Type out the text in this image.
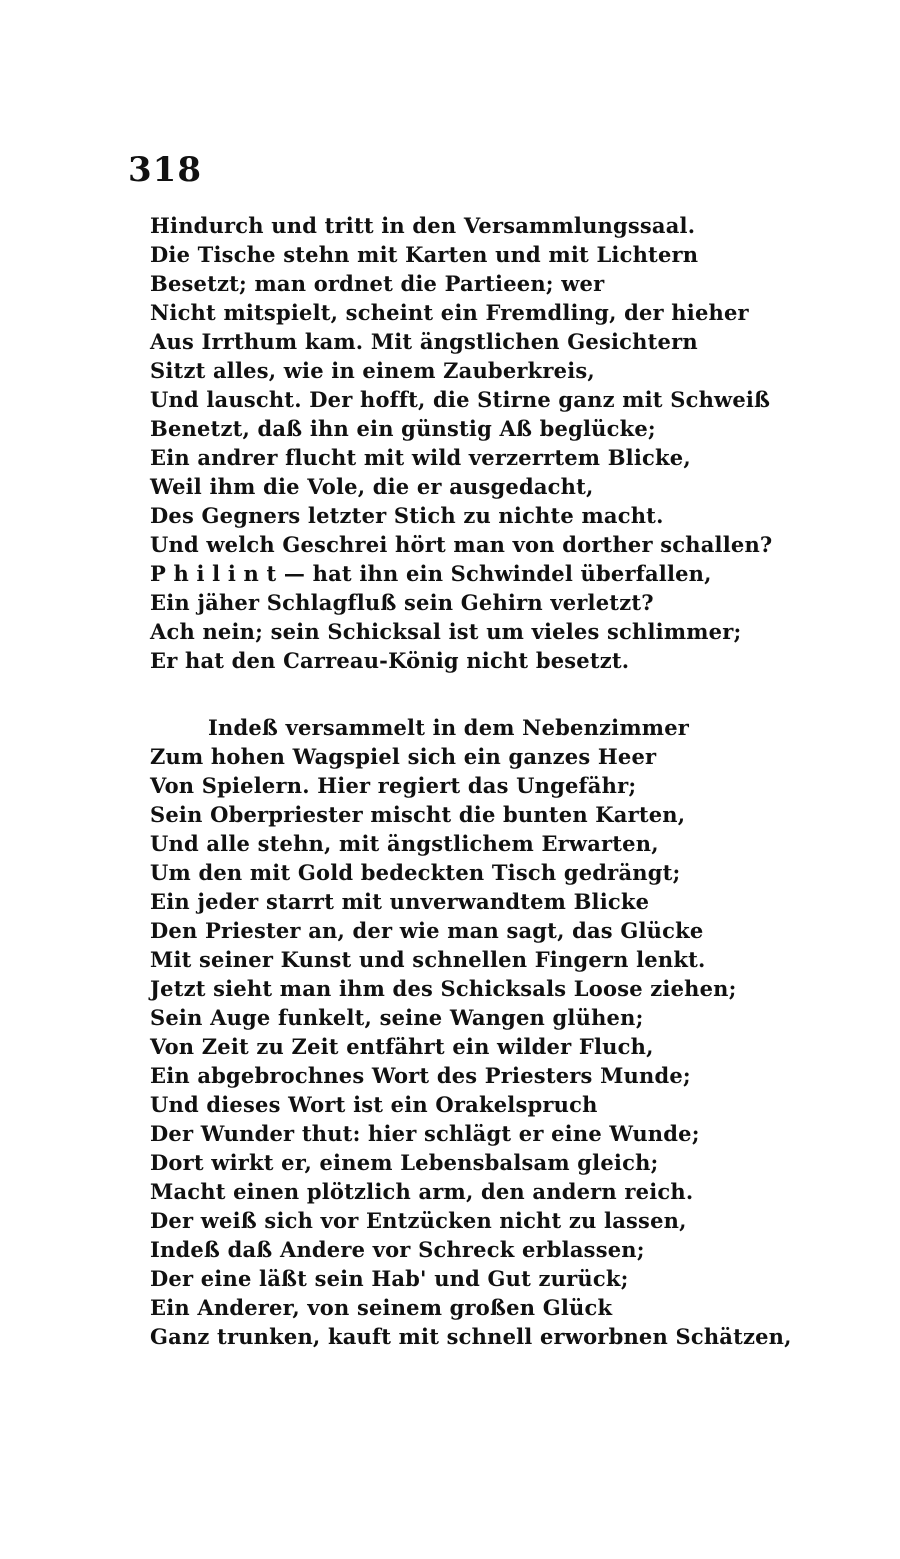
318
Hindurch und tritt in den Versammlungssaal.
Die Tische stehn mit Karten und mit Lichtern
Besetzt; man ordnet die Partieen; wer
Nicht mitspielt, scheint ein Fremdling, der hieher
Aus Irrthum kam. Mit ängstlichen Gesichtern
Sitzt alles, wie in einem Zauberkreis,
Und lauscht. Der hofft, die Stirne ganz mit Schweiß
Benetzt, daß ihn ein günstig Aß beglücke;
Ein andrer flucht mit wild verzerrtem Blicke,
Weil ihm die Vole, die er ausgedacht,
Des Gegners letzter Stich zu nichte macht.
Und welch Geschrei hört man von dorther schallen?
P h i l i n t — hat ihn ein Schwindel überfallen,
Ein jäher Schlagfluß sein Gehirn verletzt?
Ach nein; sein Schicksal ist um vieles schlimmer;
Er hat den Carreau-König nicht besetzt.
Indeß versammelt in dem Nebenzimmer
Zum hohen Wagspiel sich ein ganzes Heer
Von Spielern. Hier regiert das Ungefähr;
Sein Oberpriester mischt die bunten Karten,
Und alle stehn, mit ängstlichem Erwarten,
Um den mit Gold bedeckten Tisch gedrängt;
Ein jeder starrt mit unverwandtem Blicke
Den Priester an, der wie man sagt, das Glücke
Mit seiner Kunst und schnellen Fingern lenkt.
Jetzt sieht man ihm des Schicksals Loose ziehen;
Sein Auge funkelt, seine Wangen glühen;
Von Zeit zu Zeit entfährt ein wilder Fluch,
Ein abgebrochnes Wort des Priesters Munde;
Und dieses Wort ist ein Orakelspruch
Der Wunder thut: hier schlägt er eine Wunde;
Dort wirkt er, einem Lebensbalsam gleich;
Macht einen plötzlich arm, den andern reich.
Der weiß sich vor Entzücken nicht zu lassen,
Indeß daß Andere vor Schreck erblassen;
Der eine läßt sein Hab' und Gut zurück;
Ein Anderer, von seinem großen Glück
Ganz trunken, kauft mit schnell erworbnen Schätzen,
